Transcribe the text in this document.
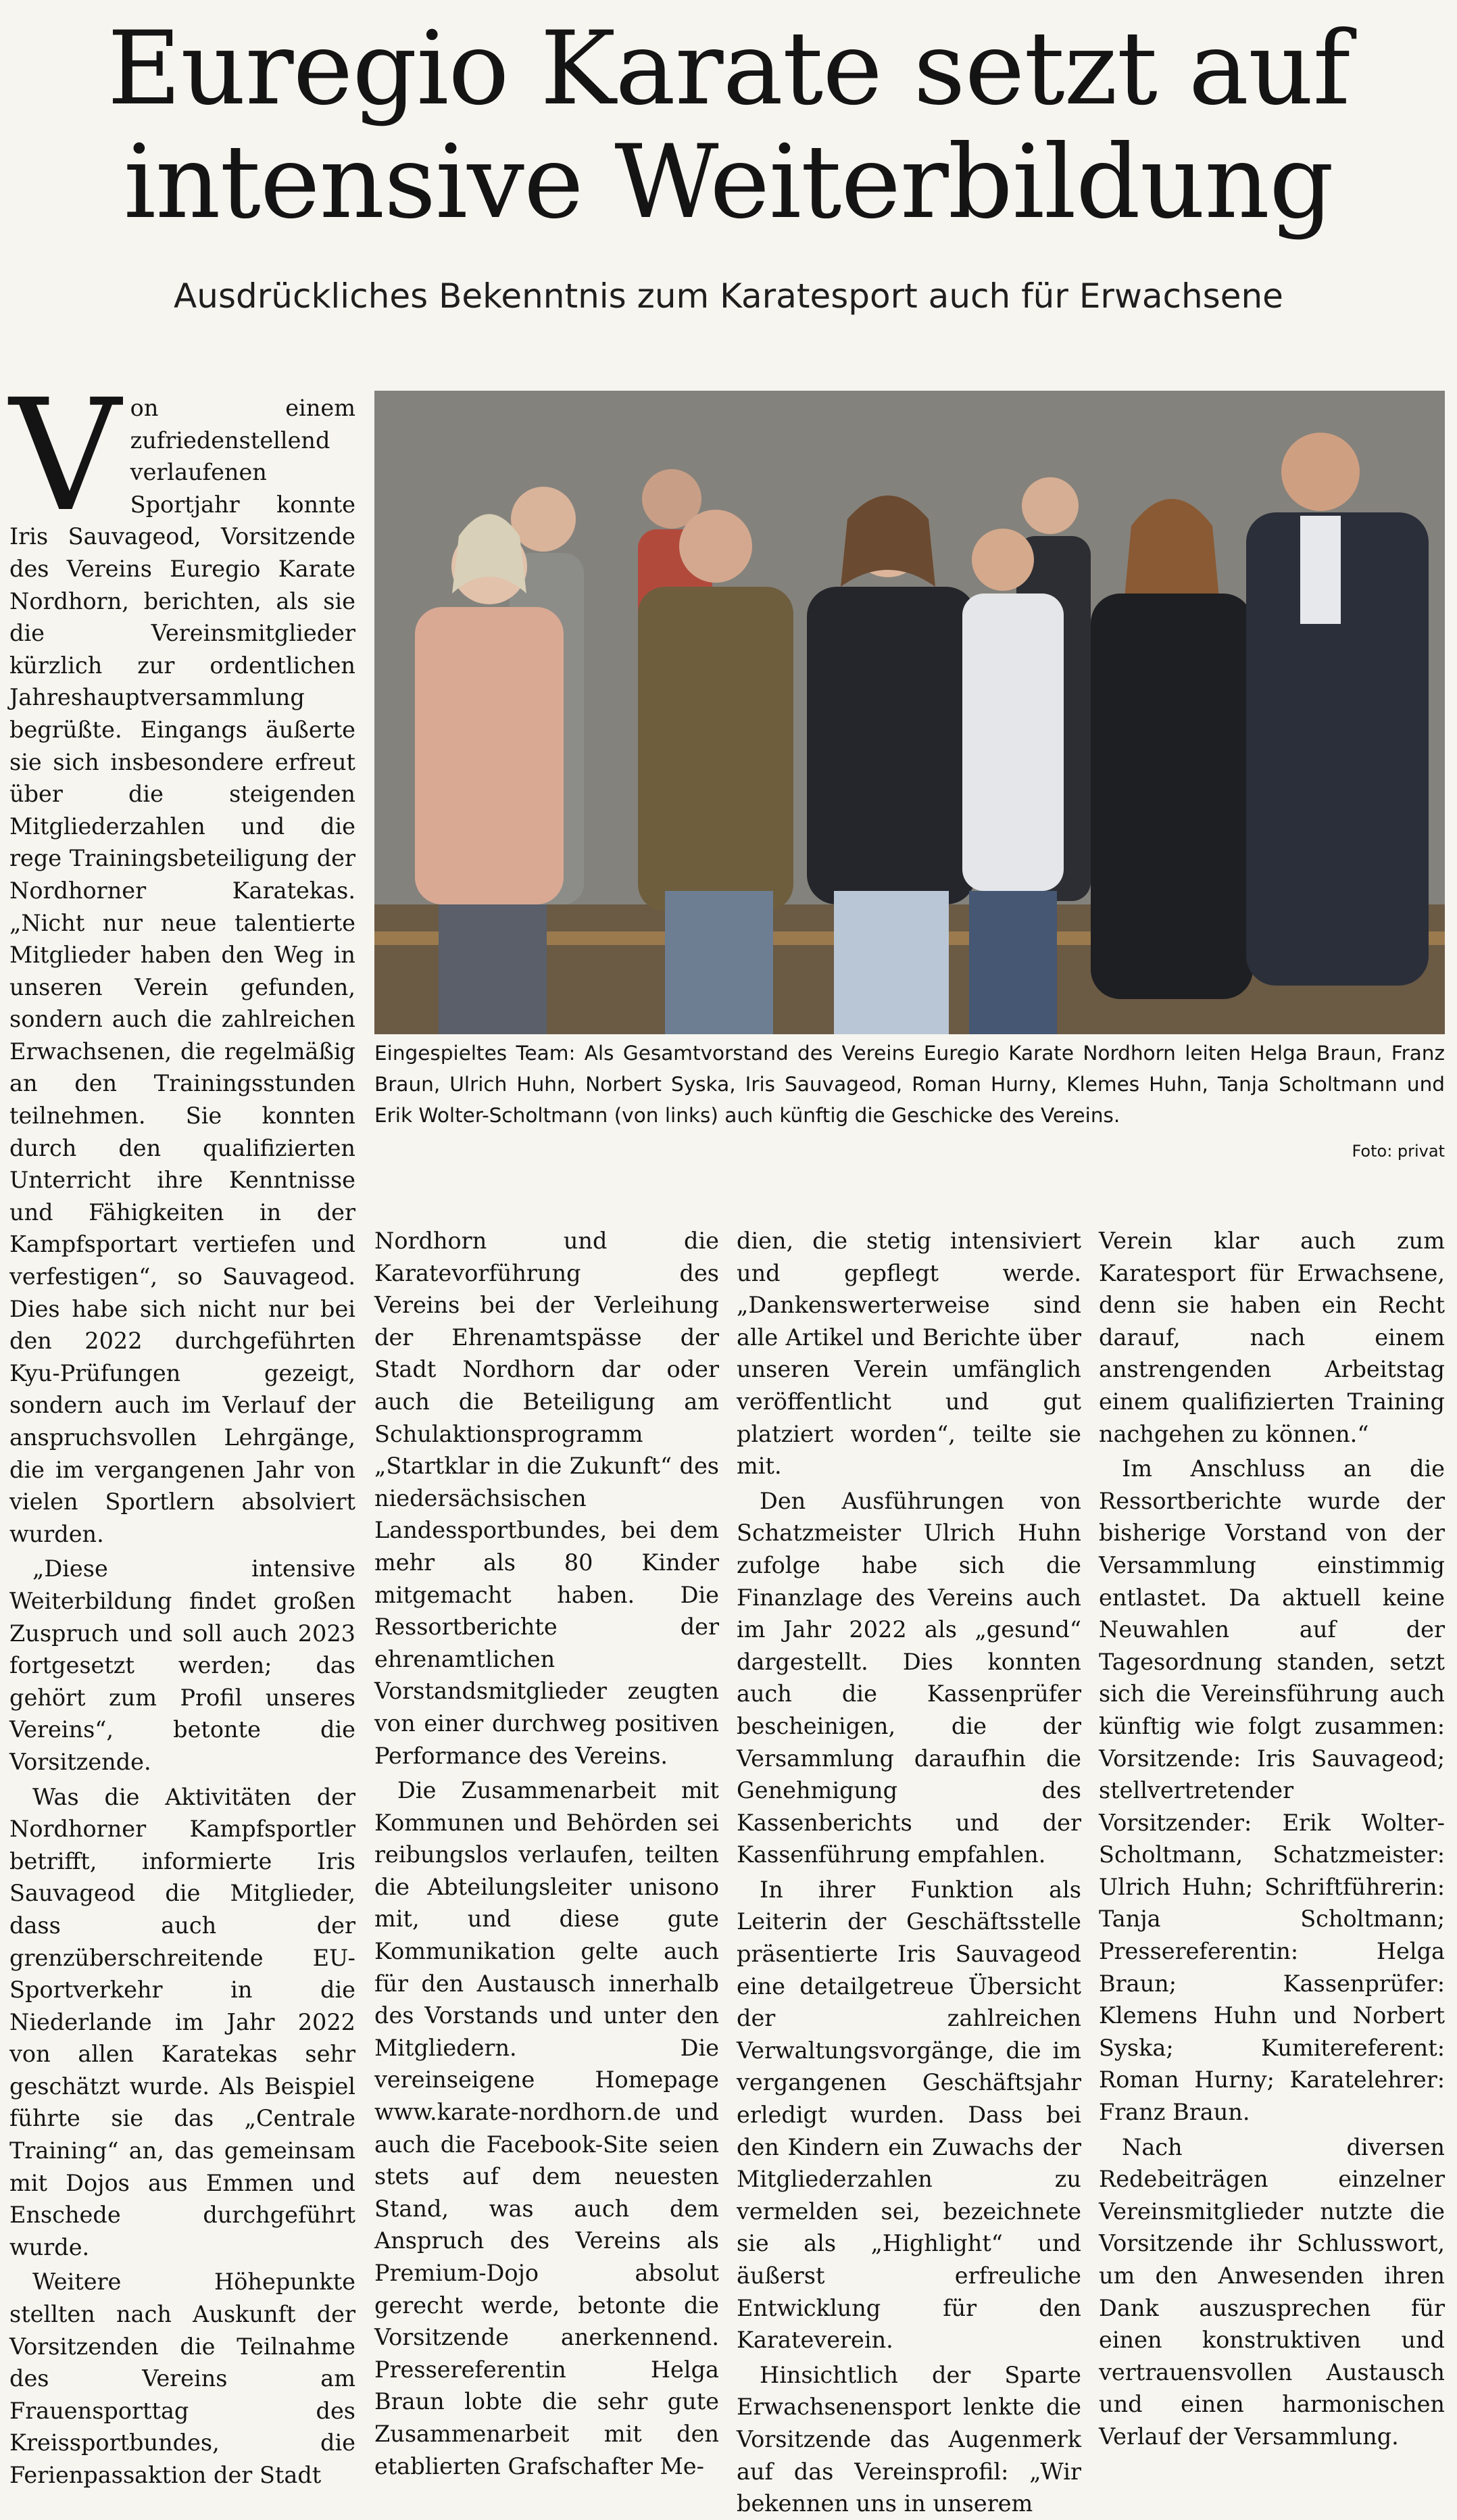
Euregio Karate setzt auf
intensive Weiterbildung
Ausdrückliches Bekenntnis zum Karatesport auch für Erwachsene

Von einem zufriedenstellend verlaufenen Sportjahr konnte Iris Sauvageod, Vorsitzende des Vereins Euregio Karate Nordhorn, berichten, als sie die Vereinsmitglieder kürzlich zur ordentlichen Jahreshauptversammlung begrüßte. Eingangs äußerte sie sich insbesondere erfreut über die steigenden Mitgliederzahlen und die rege Trainingsbeteiligung der Nordhorner Karatekas. „Nicht nur neue talentierte Mitglieder haben den Weg in unseren Verein gefunden, sondern auch die zahlreichen Erwachsenen, die regelmäßig an den Trainingsstunden teilnehmen. Sie konnten durch den qualifizierten Unterricht ihre Kenntnisse und Fähigkeiten in der Kampfsportart vertiefen und verfestigen“, so Sauvageod. Dies habe sich nicht nur bei den 2022 durchgeführten Kyu-Prüfungen gezeigt, sondern auch im Verlauf der anspruchsvollen Lehrgänge, die im vergangenen Jahr von vielen Sportlern absolviert wurden.

„Diese intensive Weiterbildung findet großen Zuspruch und soll auch 2023 fortgesetzt werden; das gehört zum Profil unseres Vereins“, betonte die Vorsitzende.

Was die Aktivitäten der Nordhorner Kampfsportler betrifft, informierte Iris Sauvageod die Mitglieder, dass auch der grenzüberschreitende EU-Sportverkehr in die Niederlande im Jahr 2022 von allen Karatekas sehr geschätzt wurde. Als Beispiel führte sie das „Centrale Training“ an, das gemeinsam mit Dojos aus Emmen und Enschede durchgeführt wurde.

Weitere Höhepunkte stellten nach Auskunft der Vorsitzenden die Teilnahme des Vereins am Frauensporttag des Kreissportbundes, die Ferienpassaktion der Stadt

Eingespieltes Team: Als Gesamtvorstand des Vereins Euregio Karate Nordhorn leiten Helga Braun, Franz Braun, Ulrich Huhn, Norbert Syska, Iris Sauvageod, Roman Hurny, Klemes Huhn, Tanja Scholtmann und Erik Wolter-Scholtmann (von links) auch künftig die Geschicke des Vereins.
Foto: privat

Nordhorn und die Karatevorführung des Vereins bei der Verleihung der Ehrenamtspässe der Stadt Nordhorn dar oder auch die Beteiligung am Schulaktionsprogramm „Startklar in die Zukunft“ des niedersächsischen Landessportbundes, bei dem mehr als 80 Kinder mitgemacht haben. Die Ressortberichte der ehrenamtlichen Vorstandsmitglieder zeugten von einer durchweg positiven Performance des Vereins.

Die Zusammenarbeit mit Kommunen und Behörden sei reibungslos verlaufen, teilten die Abteilungsleiter unisono mit, und diese gute Kommunikation gelte auch für den Austausch innerhalb des Vorstands und unter den Mitgliedern. Die vereinseigene Homepage www.karate-nordhorn.de und auch die Facebook-Site seien stets auf dem neuesten Stand, was auch dem Anspruch des Vereins als Premium-Dojo absolut gerecht werde, betonte die Vorsitzende anerkennend. Pressereferentin Helga Braun lobte die sehr gute Zusammenarbeit mit den etablierten Grafschafter Me-

dien, die stetig intensiviert und gepflegt werde. „Dankenswerterweise sind alle Artikel und Berichte über unseren Verein umfänglich veröffentlicht und gut platziert worden“, teilte sie mit.

Den Ausführungen von Schatzmeister Ulrich Huhn zufolge habe sich die Finanzlage des Vereins auch im Jahr 2022 als „gesund“ dargestellt. Dies konnten auch die Kassenprüfer bescheinigen, die der Versammlung daraufhin die Genehmigung des Kassenberichts und der Kassenführung empfahlen.

In ihrer Funktion als Leiterin der Geschäftsstelle präsentierte Iris Sauvageod eine detailgetreue Übersicht der zahlreichen Verwaltungsvorgänge, die im vergangenen Geschäftsjahr erledigt wurden. Dass bei den Kindern ein Zuwachs der Mitgliederzahlen zu vermelden sei, bezeichnete sie als „Highlight“ und äußerst erfreuliche Entwicklung für den Karateverein.

Hinsichtlich der Sparte Erwachsenensport lenkte die Vorsitzende das Augenmerk auf das Vereinsprofil: „Wir bekennen uns in unserem

Verein klar auch zum Karatesport für Erwachsene, denn sie haben ein Recht darauf, nach einem anstrengenden Arbeitstag einem qualifizierten Training nachgehen zu können.“

Im Anschluss an die Ressortberichte wurde der bisherige Vorstand von der Versammlung einstimmig entlastet. Da aktuell keine Neuwahlen auf der Tagesordnung standen, setzt sich die Vereinsführung auch künftig wie folgt zusammen: Vorsitzende: Iris Sauvageod; stellvertretender Vorsitzender: Erik Wolter-Scholtmann, Schatzmeister: Ulrich Huhn; Schriftführerin: Tanja Scholtmann; Pressereferentin: Helga Braun; Kassenprüfer: Klemens Huhn und Norbert Syska; Kumitereferent: Roman Hurny; Karatelehrer: Franz Braun.

Nach diversen Redebeiträgen einzelner Vereinsmitglieder nutzte die Vorsitzende ihr Schlusswort, um den Anwesenden ihren Dank auszusprechen für einen konstruktiven und vertrauensvollen Austausch und einen harmonischen Verlauf der Versammlung.
